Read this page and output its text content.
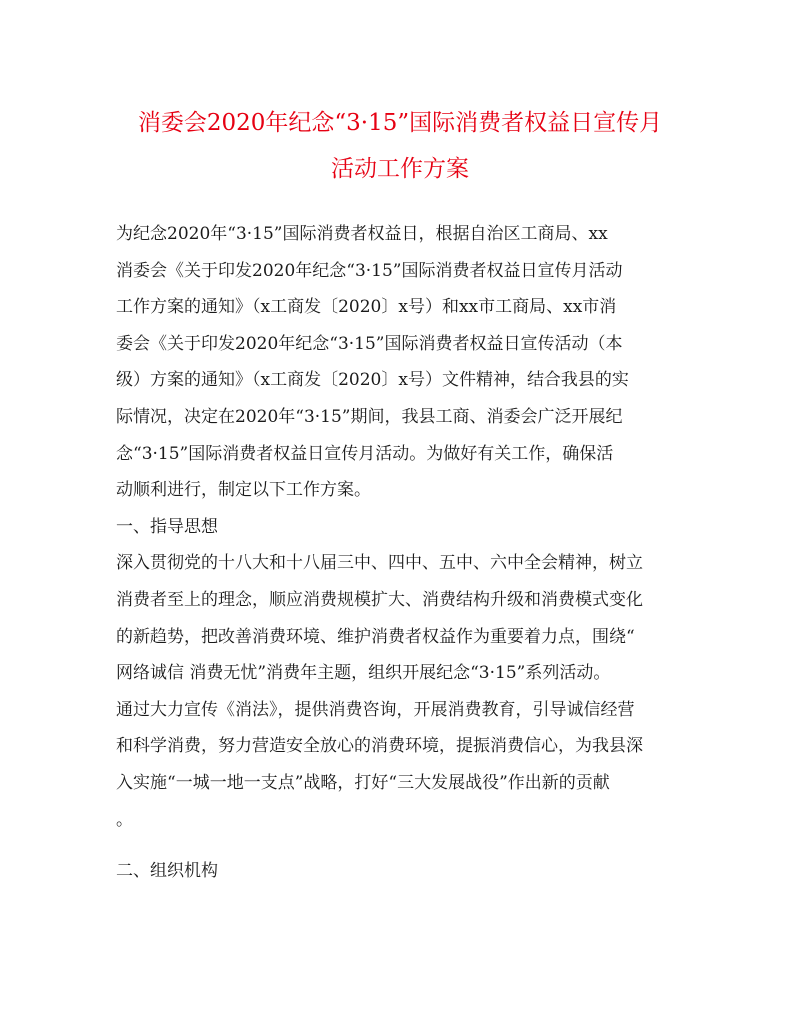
消委会2020年纪念“3·15”国际消费者权益日宣传月
活动工作方案
为纪念2020年“3·15”国际消费者权益日，根据自治区工商局、xx
消委会《关于印发2020年纪念“3·15”国际消费者权益日宣传月活动
工作方案的通知》（x工商发〔2020〕x号）和xx市工商局、xx市消
委会《关于印发2020年纪念“3·15”国际消费者权益日宣传活动（本
级）方案的通知》（x工商发〔2020〕x号）文件精神，结合我县的实
际情况，决定在2020年“3·15”期间，我县工商、消委会广泛开展纪
念“3·15”国际消费者权益日宣传月活动。为做好有关工作，确保活
动顺利进行，制定以下工作方案。
一、指导思想
深入贯彻党的十八大和十八届三中、四中、五中、六中全会精神，树立
消费者至上的理念，顺应消费规模扩大、消费结构升级和消费模式变化
的新趋势，把改善消费环境、维护消费者权益作为重要着力点，围绕“
网络诚信 消费无忧”消费年主题，组织开展纪念“3·15”系列活动。
通过大力宣传《消法》，提供消费咨询，开展消费教育，引导诚信经营
和科学消费，努力营造安全放心的消费环境，提振消费信心，为我县深
入实施“一城一地一支点”战略，打好“三大发展战役”作出新的贡献
。
二、组织机构
